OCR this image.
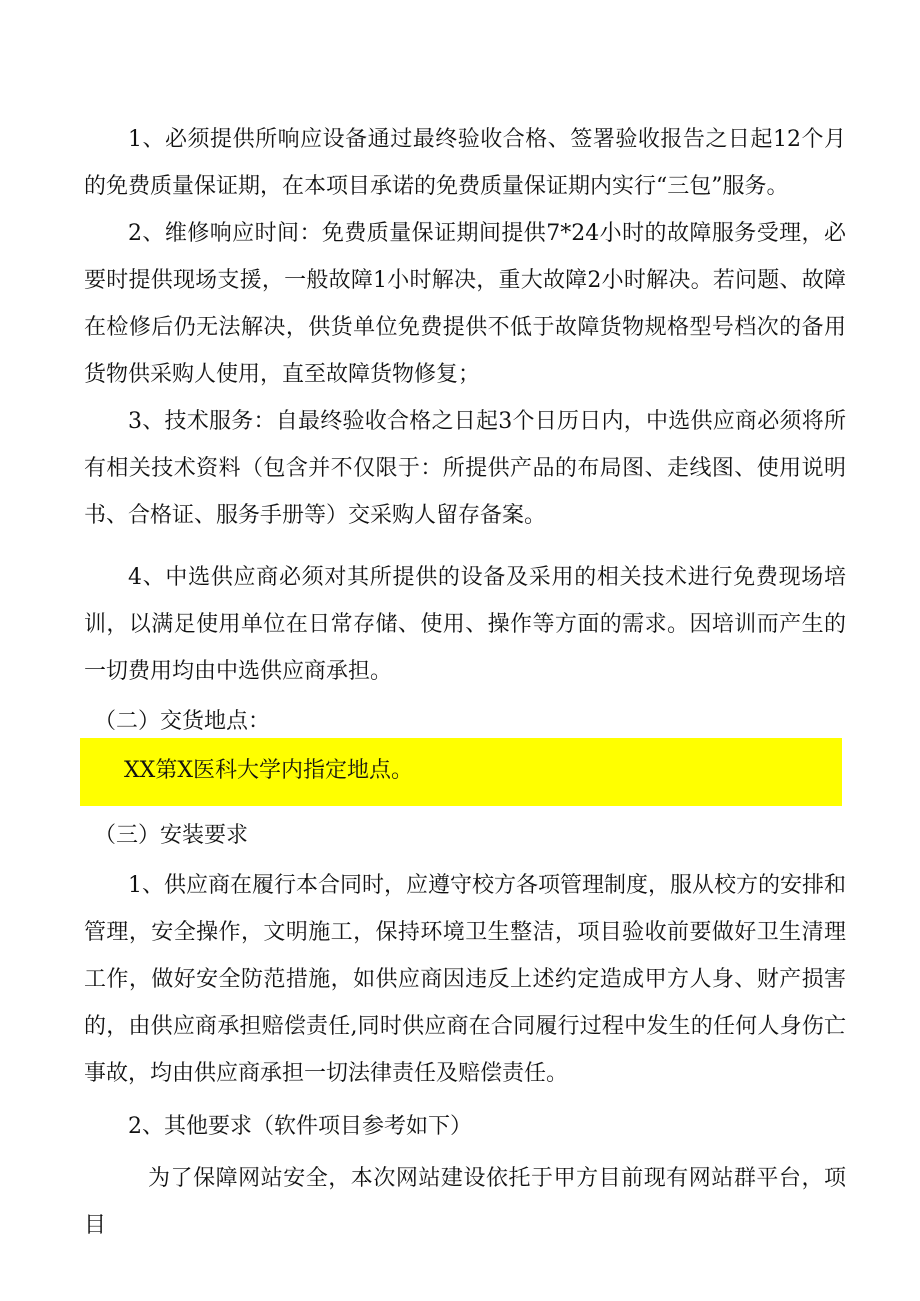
1、必须提供所响应设备通过最终验收合格、签署验收报告之日起12个月的免费质量保证期，在本项目承诺的免费质量保证期内实行“三包”服务。

2、维修响应时间：免费质量保证期间提供7*24小时的故障服务受理，必要时提供现场支援，一般故障1小时解决，重大故障2小时解决。若问题、故障在检修后仍无法解决，供货单位免费提供不低于故障货物规格型号档次的备用货物供采购人使用，直至故障货物修复；

3、技术服务：自最终验收合格之日起3个日历日内，中选供应商必须将所有相关技术资料（包含并不仅限于：所提供产品的布局图、走线图、使用说明书、合格证、服务手册等）交采购人留存备案。

4、中选供应商必须对其所提供的设备及采用的相关技术进行免费现场培训，以满足使用单位在日常存储、使用、操作等方面的需求。因培训而产生的一切费用均由中选供应商承担。

（二）交货地点：

XX第X医科大学内指定地点。

（三）安装要求

1、供应商在履行本合同时，应遵守校方各项管理制度，服从校方的安排和管理，安全操作，文明施工，保持环境卫生整洁，项目验收前要做好卫生清理工作，做好安全防范措施，如供应商因违反上述约定造成甲方人身、财产损害的，由供应商承担赔偿责任,同时供应商在合同履行过程中发生的任何人身伤亡事故，均由供应商承担一切法律责任及赔偿责任。

2、其他要求（软件项目参考如下）

为了保障网站安全，本次网站建设依托于甲方目前现有网站群平台，项目
